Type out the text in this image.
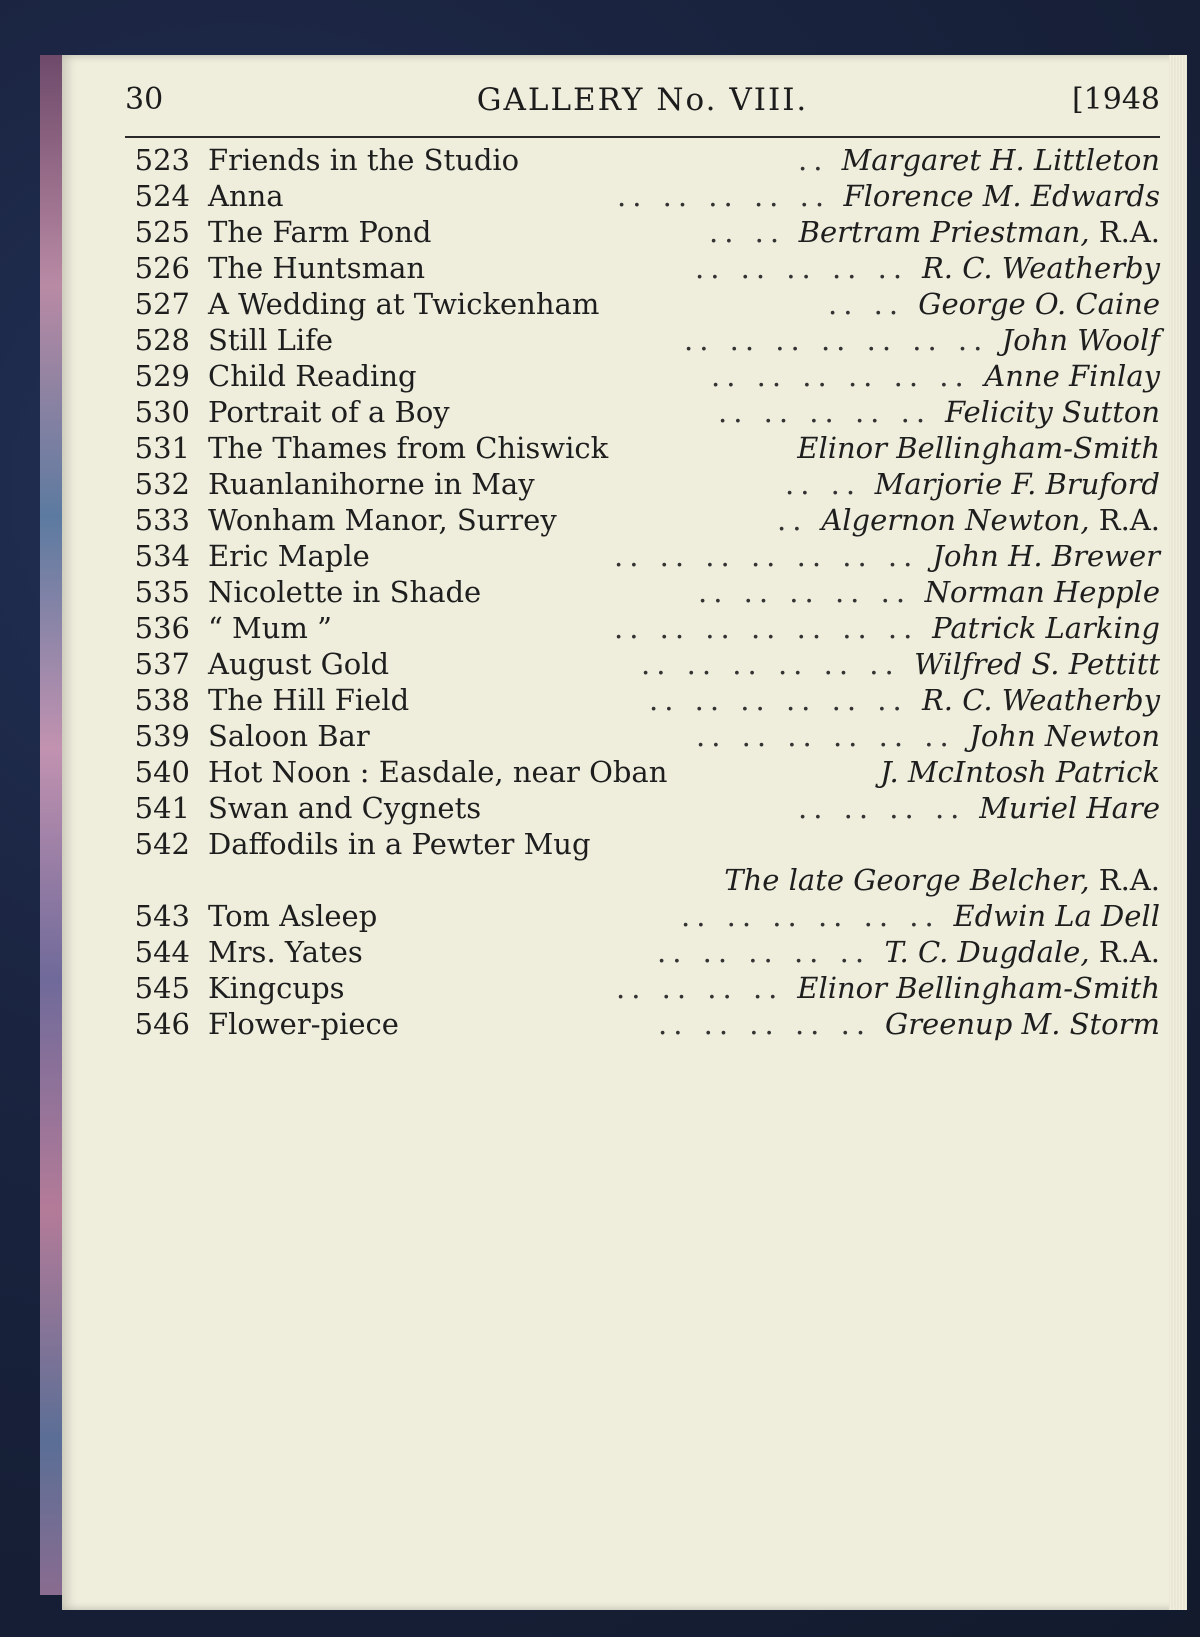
30	GALLERY No. VIII.	[1948
523 Friends in the Studio	.. Margaret H. Littleton
524 Anna	.. .. .. .. .. Florence M. Edwards
525 The Farm Pond	.. .. Bertram Priestman, R.A.
526 The Huntsman	.. .. .. .. .. R. C. Weatherby
527 A Wedding at Twickenham	.. .. George O. Caine
528 Still Life	.. .. .. .. .. .. .. John Woolf
529 Child Reading	.. .. .. .. .. .. Anne Finlay
530 Portrait of a Boy	.. .. .. .. .. Felicity Sutton
531 The Thames from Chiswick	Elinor Bellingham-Smith
532 Ruanlanihorne in May	.. .. Marjorie F. Bruford
533 Wonham Manor, Surrey	.. Algernon Newton, R.A.
534 Eric Maple	.. .. .. .. .. .. .. John H. Brewer
535 Nicolette in Shade	.. .. .. .. .. Norman Hepple
536 “ Mum ”	.. .. .. .. .. .. .. Patrick Larking
537 August Gold	.. .. .. .. .. .. Wilfred S. Pettitt
538 The Hill Field	.. .. .. .. .. .. R. C. Weatherby
539 Saloon Bar	.. .. .. .. .. .. John Newton
540 Hot Noon : Easdale, near Oban	J. McIntosh Patrick
541 Swan and Cygnets	.. .. .. .. Muriel Hare
542 Daffodils in a Pewter Mug
The late George Belcher, R.A.
543 Tom Asleep	.. .. .. .. .. .. Edwin La Dell
544 Mrs. Yates	.. .. .. .. .. T. C. Dugdale, R.A.
545 Kingcups	.. .. .. .. Elinor Bellingham-Smith
546 Flower-piece	.. .. .. .. .. Greenup M. Storm
